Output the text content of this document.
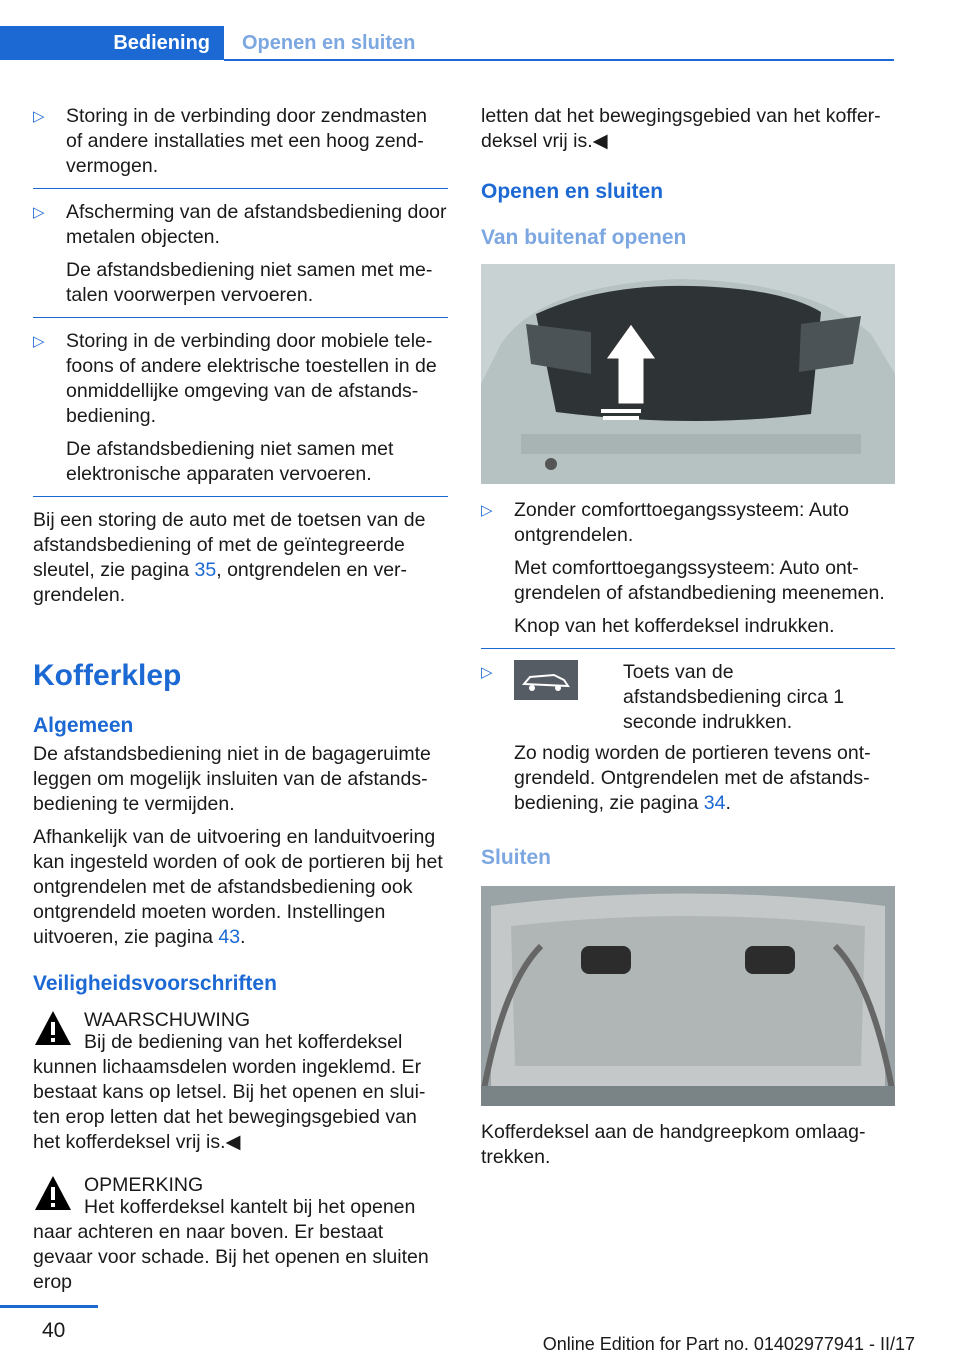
Bediening	Openen en sluiten
▷ Storing in de verbinding door zendmasten of andere installaties met een hoog zend-vermogen.
▷ Afscherming van de afstandsbediening door metalen objecten.
De afstandsbediening niet samen met me-talen voorwerpen vervoeren.
▷ Storing in de verbinding door mobiele tele-foons of andere elektrische toestellen in de onmiddellijke omgeving van de afstands-bediening.
De afstandsbediening niet samen met elektronische apparaten vervoeren.
Bij een storing de auto met de toetsen van de afstandsbediening of met de geïntegreerde sleutel, zie pagina 35, ontgrendelen en ver-grendelen.
Kofferklep
Algemeen
De afstandsbediening niet in de bagageruimte leggen om mogelijk insluiten van de afstands-bediening te vermijden.
Afhankelijk van de uitvoering en landuitvoering kan ingesteld worden of ook de portieren bij het ontgrendelen met de afstandsbediening ook ontgrendeld moeten worden. Instellingen uitvoeren, zie pagina 43.
Veiligheidsvoorschriften
WAARSCHUWING
Bij de bediening van het kofferdeksel kunnen lichaamsdelen worden ingeklemd. Er bestaat kans op letsel. Bij het openen en slui-ten erop letten dat het bewegingsgebied van het kofferdeksel vrij is.◀
OPMERKING
Het kofferdeksel kantelt bij het openen naar achteren en naar boven. Er bestaat gevaar voor schade. Bij het openen en sluiten erop
letten dat het bewegingsgebied van het koffer-deksel vrij is.◀
Openen en sluiten
Van buitenaf openen
▷ Zonder comforttoegangssysteem: Auto ontgrendelen.
Met comforttoegangssysteem: Auto ont-grendelen of afstandbediening meenemen.
Knop van het kofferdeksel indrukken.
▷	Toets van de afstandsbediening circa 1 seconde indrukken.
Zo nodig worden de portieren tevens ont-grendeld. Ontgrendelen met de afstands-bediening, zie pagina 34.
Sluiten
Kofferdeksel aan de handgreepkom omlaag-trekken.
40
Online Edition for Part no. 01402977941 - II/17
